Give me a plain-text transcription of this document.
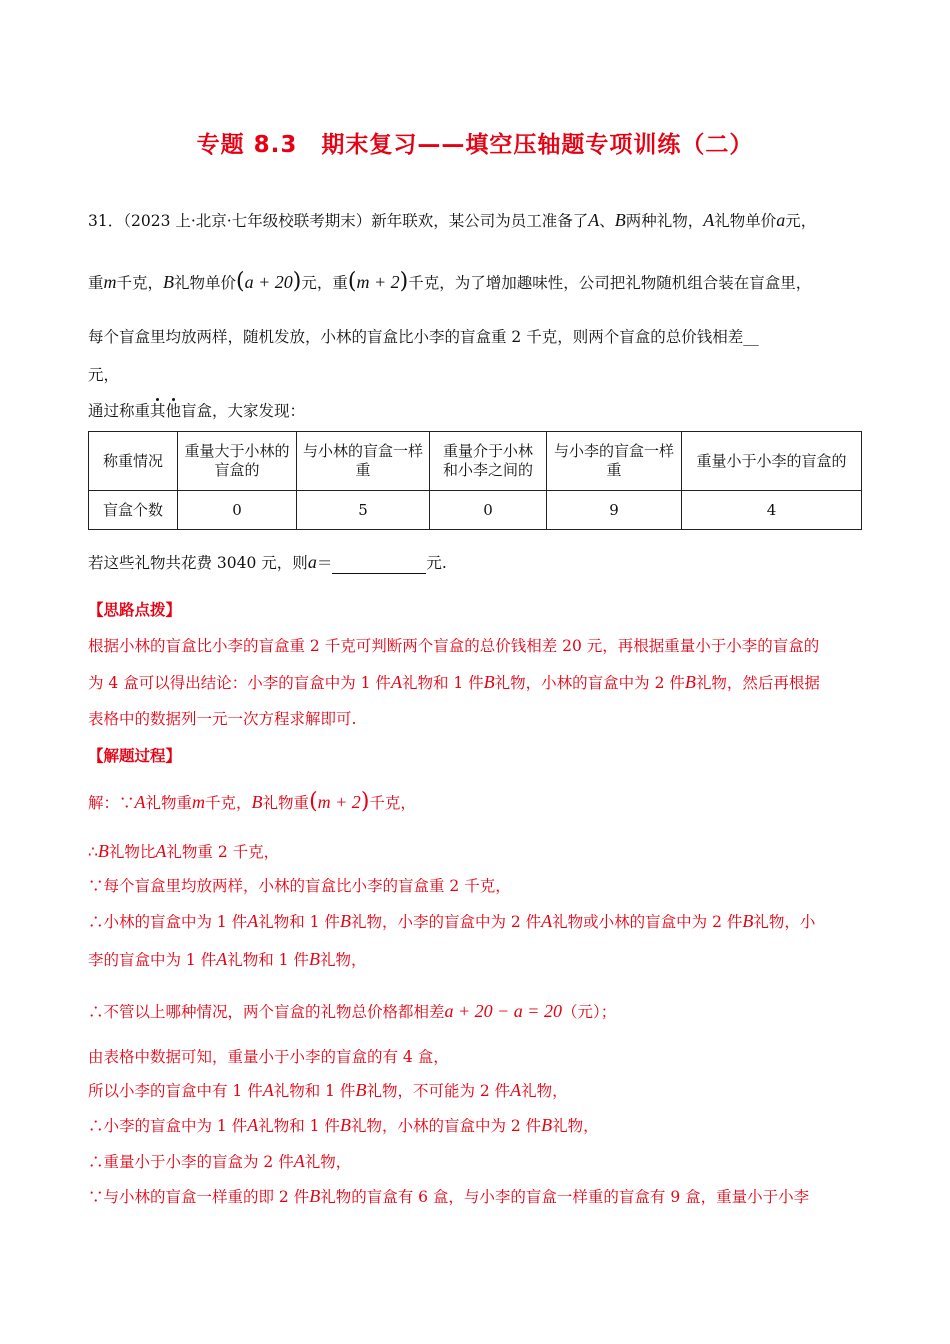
专题 8.3　期末复习——填空压轴题专项训练（二）
31．（2023 上·北京·七年级校联考期末）新年联欢，某公司为员工准备了A、B两种礼物，A礼物单价a元，
重m千克，B礼物单价(a + 20)元，重(m + 2)千克，为了增加趣味性，公司把礼物随机组合装在盲盒里，
每个盲盒里均放两样，随机发放，小林的盲盒比小李的盲盒重 2 千克，则两个盲盒的总价钱相差__
元，
通过称重其他盲盒，大家发现：
称重情况	重量大于小林的盲盒的	与小林的盲盒一样重	重量介于小林和小李之间的	与小李的盲盒一样重	重量小于小李的盲盒的
盲盒个数	0	5	0	9	4
若这些礼物共花费 3040 元，则a＝	元.
【思路点拨】
根据小林的盲盒比小李的盲盒重 2 千克可判断两个盲盒的总价钱相差 20 元，再根据重量小于小李的盲盒的
为 4 盒可以得出结论：小李的盲盒中为 1 件A礼物和 1 件B礼物，小林的盲盒中为 2 件B礼物，然后再根据
表格中的数据列一元一次方程求解即可.
【解题过程】
解：∵A礼物重m千克，B礼物重(m + 2)千克，
∴B礼物比A礼物重 2 千克，
∵每个盲盒里均放两样，小林的盲盒比小李的盲盒重 2 千克，
∴小林的盲盒中为 1 件A礼物和 1 件B礼物，小李的盲盒中为 2 件A礼物或小林的盲盒中为 2 件B礼物，小
李的盲盒中为 1 件A礼物和 1 件B礼物，
∴不管以上哪种情况，两个盲盒的礼物总价格都相差a + 20 − a = 20（元）；
由表格中数据可知，重量小于小李的盲盒的有 4 盒，
所以小李的盲盒中有 1 件A礼物和 1 件B礼物，不可能为 2 件A礼物，
∴小李的盲盒中为 1 件A礼物和 1 件B礼物，小林的盲盒中为 2 件B礼物，
∴重量小于小李的盲盒为 2 件A礼物，
∵与小林的盲盒一样重的即 2 件B礼物的盲盒有 6 盒，与小李的盲盒一样重的盲盒有 9 盒，重量小于小李
